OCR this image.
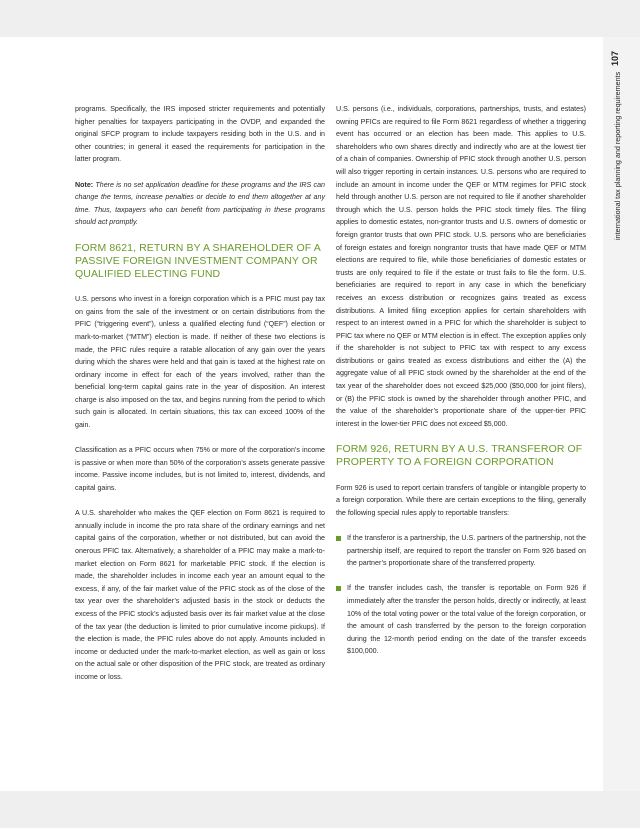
107
international tax planning and reporting requirements

programs. Specifically, the IRS imposed stricter requirements and potentially higher penalties for taxpayers participating in the OVDP, and expanded the original SFCP program to include taxpayers residing both in the U.S. and in other countries; in general it eased the requirements for participation in the latter program.

Note: There is no set application deadline for these programs and the IRS can change the terms, increase penalties or decide to end them altogether at any time. Thus, taxpayers who can benefit from participating in these programs should act promptly.

FORM 8621, RETURN BY A SHAREHOLDER OF A PASSIVE FOREIGN INVESTMENT COMPANY OR QUALIFIED ELECTING FUND

U.S. persons who invest in a foreign corporation which is a PFIC must pay tax on gains from the sale of the investment or on certain distributions from the PFIC (“triggering event”), unless a qualified electing fund (“QEF”) election or mark-to-market (“MTM”) election is made. If neither of these two elections is made, the PFIC rules require a ratable allocation of any gain over the years during which the shares were held and that gain is taxed at the highest rate on ordinary income in effect for each of the years involved, rather than the beneficial long-term capital gains rate in the year of disposition. An interest charge is also imposed on the tax, and begins running from the period to which such gain is allocated. In certain situations, this tax can exceed 100% of the gain.

Classification as a PFIC occurs when 75% or more of the corporation’s income is passive or when more than 50% of the corporation’s assets generate passive income. Passive income includes, but is not limited to, interest, dividends, and capital gains.

A U.S. shareholder who makes the QEF election on Form 8621 is required to annually include in income the pro rata share of the ordinary earnings and net capital gains of the corporation, whether or not distributed, but can avoid the onerous PFIC tax. Alternatively, a shareholder of a PFIC may make a mark-to-market election on Form 8621 for marketable PFIC stock. If the election is made, the shareholder includes in income each year an amount equal to the excess, if any, of the fair market value of the PFIC stock as of the close of the tax year over the shareholder’s adjusted basis in the stock or deducts the excess of the PFIC stock’s adjusted basis over its fair market value at the close of the tax year (the deduction is limited to prior cumulative income pickups). If the election is made, the PFIC rules above do not apply. Amounts included in income or deducted under the mark-to-market election, as well as gain or loss on the actual sale or other disposition of the PFIC stock, are treated as ordinary income or loss.

U.S. persons (i.e., individuals, corporations, partnerships, trusts, and estates) owning PFICs are required to file Form 8621 regardless of whether a triggering event has occurred or an election has been made. This applies to U.S. shareholders who own shares directly and indirectly who are at the lowest tier of a chain of companies. Ownership of PFIC stock through another U.S. person will also trigger reporting in certain instances. U.S. persons who are required to include an amount in income under the QEF or MTM regimes for PFIC stock held through another U.S. person are not required to file if another shareholder through which the U.S. person holds the PFIC stock timely files. The filing applies to domestic estates, non-grantor trusts and U.S. owners of domestic or foreign grantor trusts that own PFIC stock. U.S. persons who are beneficiaries of foreign estates and foreign nongrantor trusts that have made QEF or MTM elections are required to file, while those beneficiaries of domestic estates or trusts are only required to file if the estate or trust fails to file the form. U.S. beneficiaries are required to report in any case in which the beneficiary receives an excess distribution or recognizes gains treated as excess distributions. A limited filing exception applies for certain shareholders with respect to an interest owned in a PFIC for which the shareholder is subject to PFIC tax where no QEF or MTM election is in effect. The exception applies only if the shareholder is not subject to PFIC tax with respect to any excess distributions or gains treated as excess distributions and either the (A) the aggregate value of all PFIC stock owned by the shareholder at the end of the tax year of the shareholder does not exceed $25,000 ($50,000 for joint filers), or (B) the PFIC stock is owned by the shareholder through another PFIC, and the value of the shareholder’s proportionate share of the upper-tier PFIC interest in the lower-tier PFIC does not exceed $5,000.

FORM 926, RETURN BY A U.S. TRANSFEROR OF PROPERTY TO A FOREIGN CORPORATION

Form 926 is used to report certain transfers of tangible or intangible property to a foreign corporation. While there are certain exceptions to the filing, generally the following special rules apply to reportable transfers:

If the transferor is a partnership, the U.S. partners of the partnership, not the partnership itself, are required to report the transfer on Form 926 based on the partner’s proportionate share of the transferred property.
If the transfer includes cash, the transfer is reportable on Form 926 if immediately after the transfer the person holds, directly or indirectly, at least 10% of the total voting power or the total value of the foreign corporation, or the amount of cash transferred by the person to the foreign corporation during the 12-month period ending on the date of the transfer exceeds $100,000.
